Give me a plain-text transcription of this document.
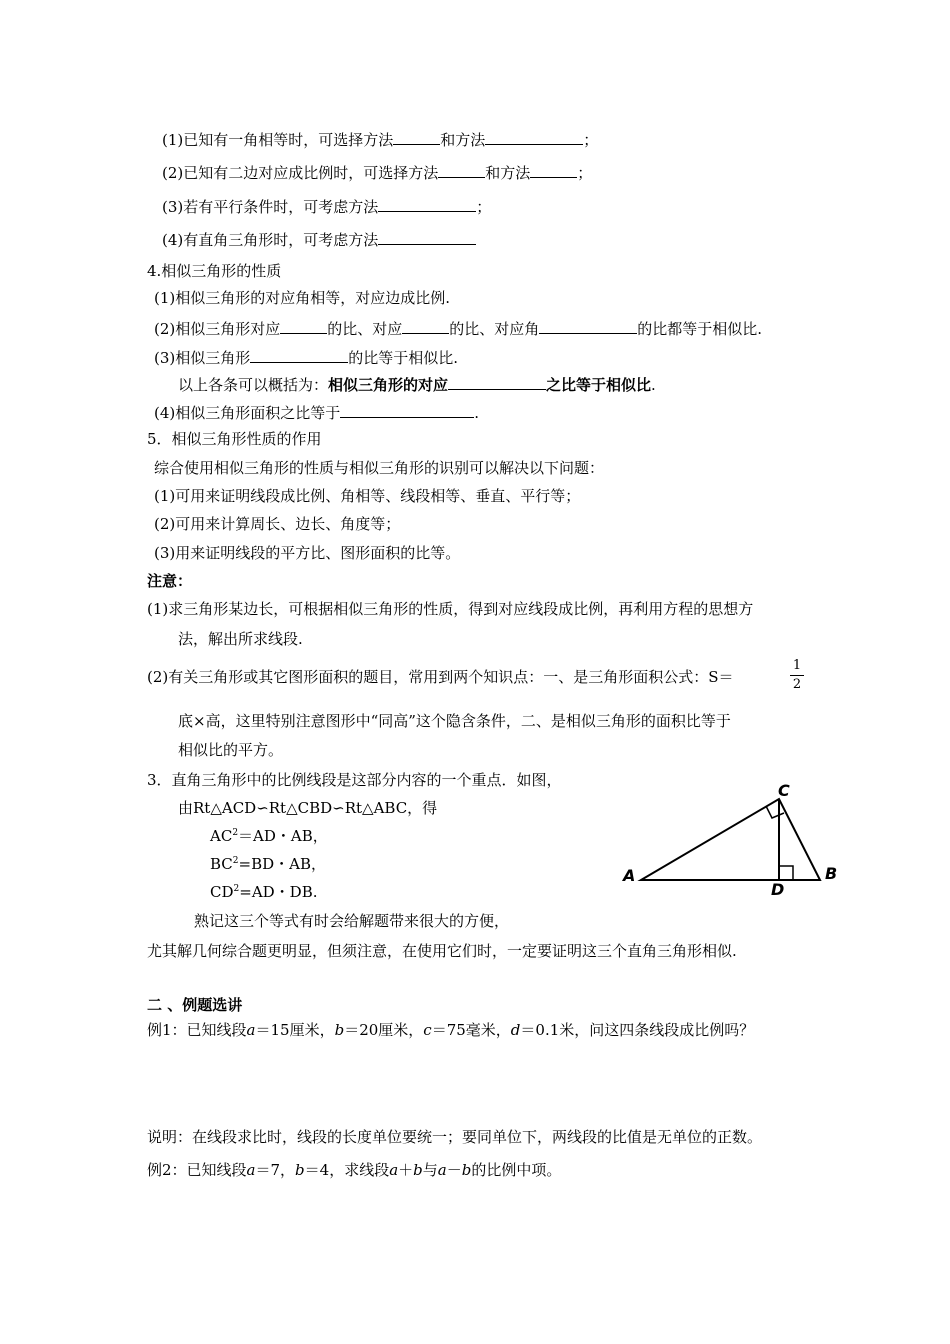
(1)已知有一角相等时，可选择方法	和方法	；
(2)已知有二边对应成比例时，可选择方法	和方法	；
(3)若有平行条件时，可考虑方法	；
(4)有直角三角形时，可考虑方法
4.相似三角形的性质
(1)相似三角形的对应角相等，对应边成比例.
(2)相似三角形对应	的比、对应	的比、对应角	的比都等于相似比.
(3)相似三角形	的比等于相似比.
以上各条可以概括为：相似三角形的对应	之比等于相似比.
(4)相似三角形面积之比等于	.
5．相似三角形性质的作用
综合使用相似三角形的性质与相似三角形的识别可以解决以下问题：
(1)可用来证明线段成比例、角相等、线段相等、垂直、平行等；
(2)可用来计算周长、边长、角度等；
(3)用来证明线段的平方比、图形面积的比等。
注意：
(1)求三角形某边长，可根据相似三角形的性质，得到对应线段成比例，再利用方程的思想方
法，解出所求线段.
(2)有关三角形或其它图形面积的题目，常用到两个知识点：一、是三角形面积公式：S＝
1
2
底×高，这里特别注意图形中“同高”这个隐含条件，二、是相似三角形的面积比等于
相似比的平方。
3．直角三角形中的比例线段是这部分内容的一个重点．如图，
由Rt△ACD∽Rt△CBD∽Rt△ABC，得
$AC^2=AD$・AB，
$BC^2=BD$・AB，
$CD^2=AD$・DB.
熟记这三个等式有时会给解题带来很大的方便，
尤其解几何综合题更明显，但须注意，在使用它们时，一定要证明这三个直角三角形相似.
A	B
C
D
二 、例题选讲
例1：已知线段a＝15厘米，b＝20厘米，c＝75毫米，d＝0.1米，问这四条线段成比例吗？
说明：在线段求比时，线段的长度单位要统一；要同单位下，两线段的比值是无单位的正数。
例2：已知线段a＝7，b＝4，求线段a＋b与a－b的比例中项。
